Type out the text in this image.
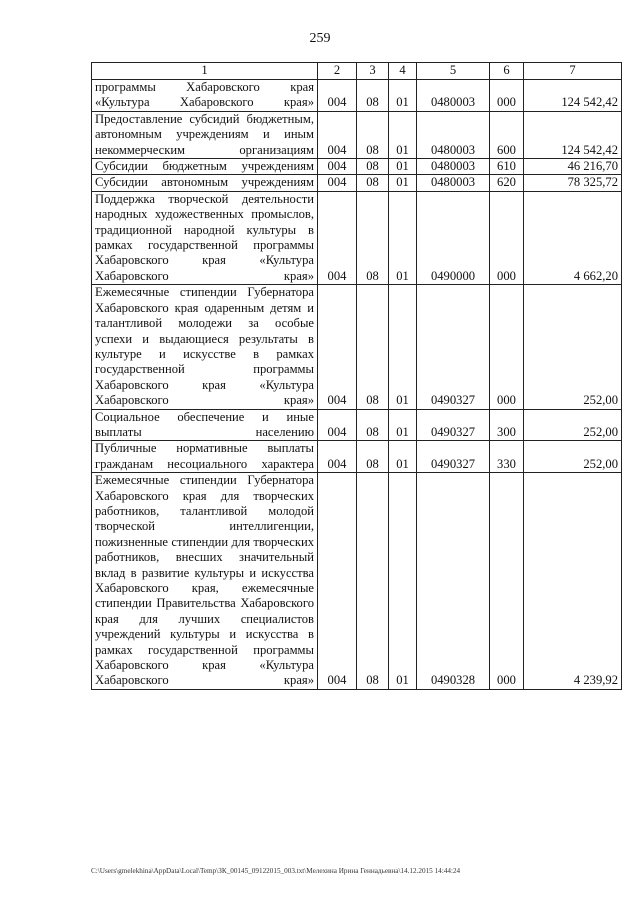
259
1	2	3	4	5	6	7

программы Хабаровского края «Культура Хабаровского края»	004	08	01	0480003	000	124 542,42

Предоставление субсидий бюджетным, автономным учреждениям и иным некоммерческим организациям	004	08	01	0480003	600	124 542,42

Субсидии бюджетным учреждениям	004	08	01	0480003	610	46 216,70

Субсидии автономным учреждениям	004	08	01	0480003	620	78 325,72

Поддержка творческой деятельности народных художественных промыслов, традиционной народной культуры в рамках государственной программы Хабаровского края «Культура Хабаровского края»	004	08	01	0490000	000	4 662,20

Ежемесячные стипендии Губернатора Хабаровского края одаренным детям и талантливой молодежи за особые успехи и выдающиеся результаты в культуре и искусстве в рамках государственной программы Хабаровского края «Культура Хабаровского края»	004	08	01	0490327	000	252,00

Социальное обеспечение и иные выплаты населению	004	08	01	0490327	300	252,00

Публичные нормативные выплаты гражданам несоциального характера	004	08	01	0490327	330	252,00

Ежемесячные стипендии Губернатора Хабаровского края для творческих работников, талантливой молодой творческой интеллигенции, пожизненные стипендии для творческих работников, внесших значительный вклад в развитие культуры и искусства Хабаровского края, ежемесячные стипендии Правительства Хабаровского края для лучших специалистов учреждений культуры и искусства в рамках государственной программы Хабаровского края «Культура Хабаровского края»	004	08	01	0490328	000	4 239,92
C:\Users\gmelekhina\AppData\Local\Temp\ЗК_00145_09122015_003.txt\Мелехина Ирина Геннадьевна\14.12.2015 14:44:24
